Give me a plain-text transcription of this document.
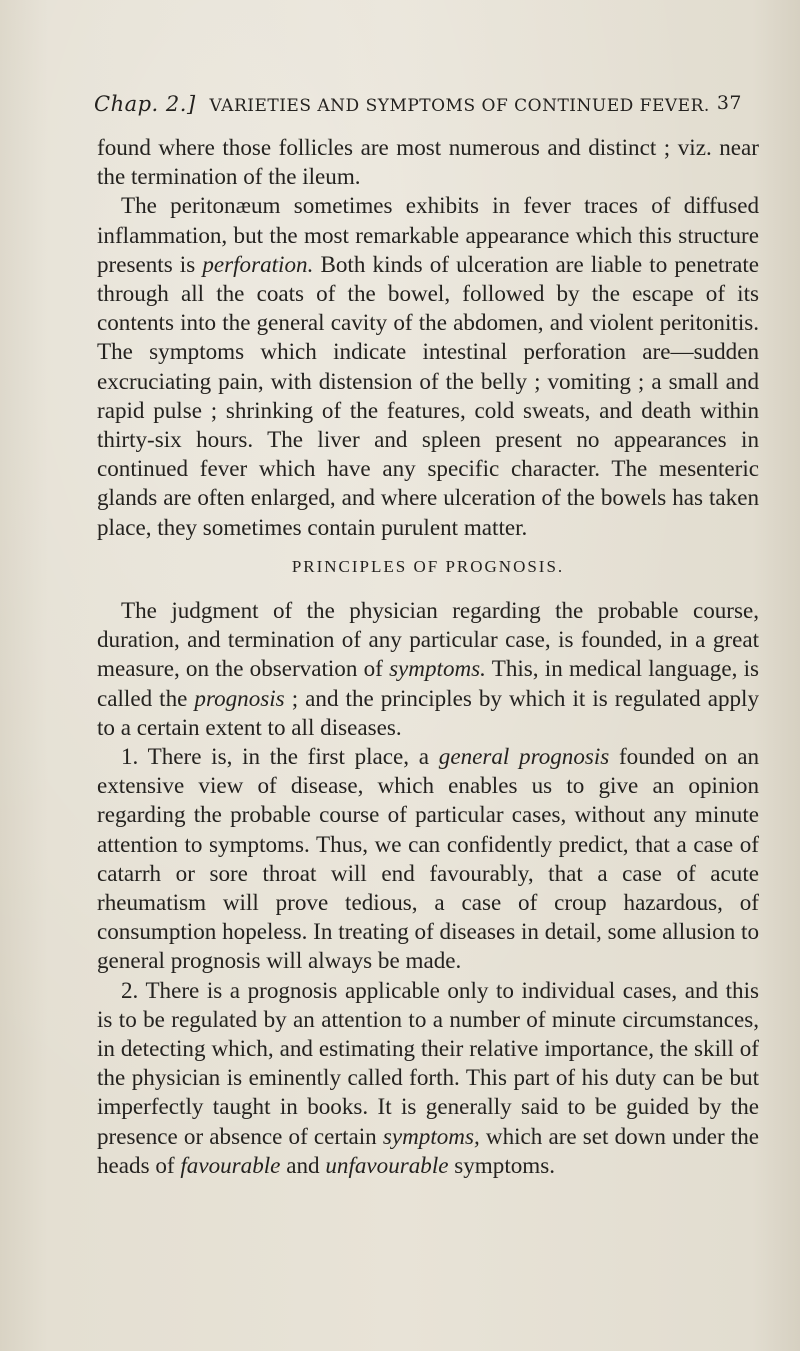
Chap. 2.] VARIETIES AND SYMPTOMS OF CONTINUED FEVER. 37

found where those follicles are most numerous and distinct ; viz. near the termination of the ileum.

The peritonæum sometimes exhibits in fever traces of diffused inflammation, but the most remarkable appearance which this structure presents is perforation. Both kinds of ulceration are liable to penetrate through all the coats of the bowel, followed by the escape of its contents into the general cavity of the abdomen, and violent peritonitis. The symptoms which indicate intestinal perforation are—sudden excruciating pain, with distension of the belly ; vomiting ; a small and rapid pulse ; shrinking of the features, cold sweats, and death within thirty-six hours. The liver and spleen present no appearances in continued fever which have any specific character. The mesenteric glands are often enlarged, and where ulceration of the bowels has taken place, they sometimes contain purulent matter.

PRINCIPLES OF PROGNOSIS.

The judgment of the physician regarding the probable course, duration, and termination of any particular case, is founded, in a great measure, on the observation of symptoms. This, in medical language, is called the prognosis ; and the principles by which it is regulated apply to a certain extent to all diseases.

1. There is, in the first place, a general prognosis founded on an extensive view of disease, which enables us to give an opinion regarding the probable course of particular cases, without any minute attention to symptoms. Thus, we can confidently predict, that a case of catarrh or sore throat will end favourably, that a case of acute rheumatism will prove tedious, a case of croup hazardous, of consumption hopeless. In treating of diseases in detail, some allusion to general prognosis will always be made.

2. There is a prognosis applicable only to individual cases, and this is to be regulated by an attention to a number of minute circumstances, in detecting which, and estimating their relative importance, the skill of the physician is eminently called forth. This part of his duty can be but imperfectly taught in books. It is generally said to be guided by the presence or absence of certain symptoms, which are set down under the heads of favourable and unfavourable symptoms.
